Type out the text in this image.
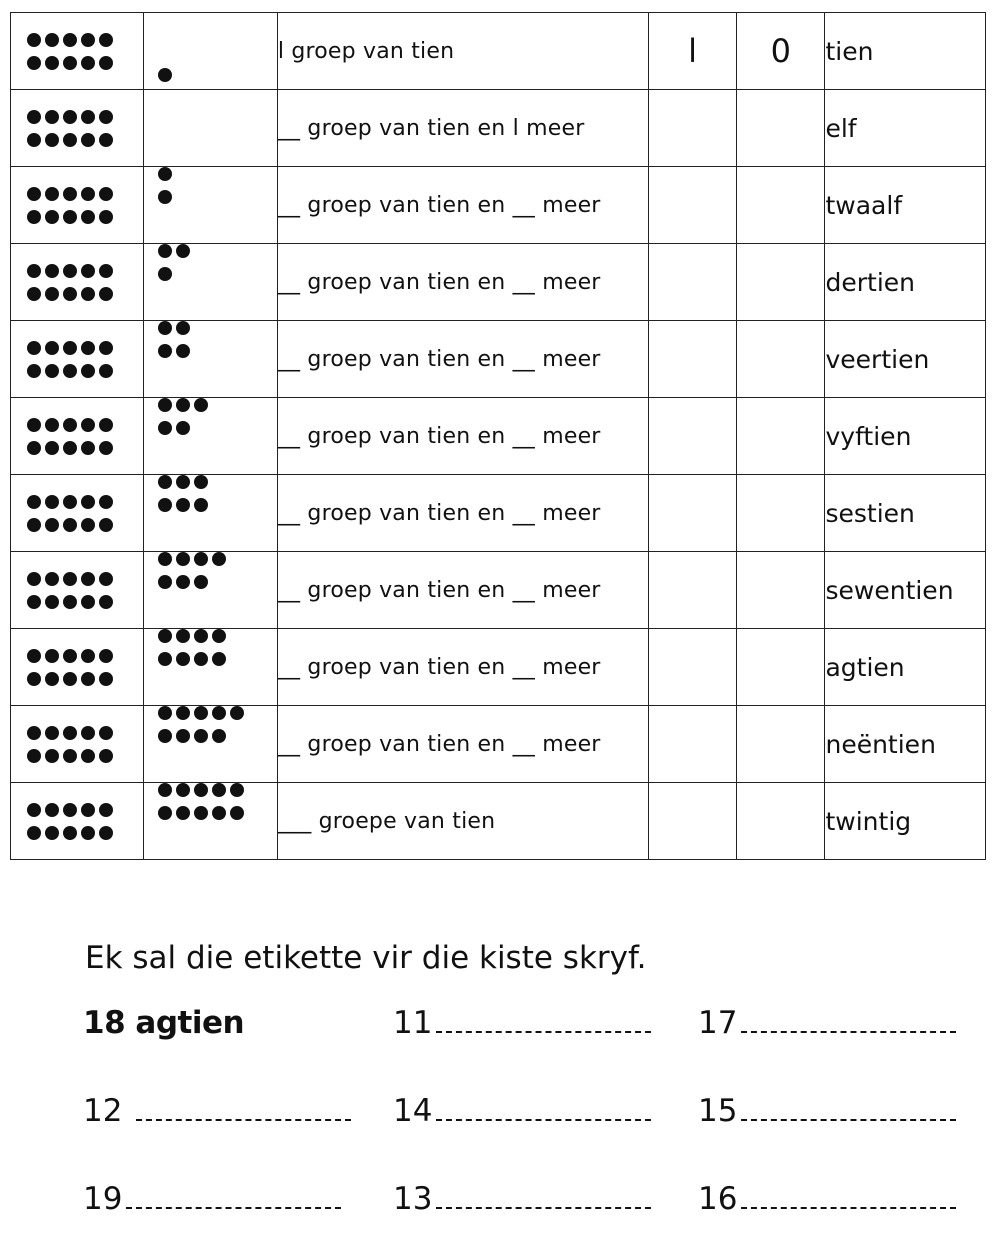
	l groep van tien	l	0	tien

	__ groep van tien en l meer			elf

	__ groep van tien en __ meer			twaalf

	__ groep van tien en __ meer			dertien

	__ groep van tien en __ meer			veertien

	__ groep van tien en __ meer			vyftien

	__ groep van tien en __ meer			sestien

	__ groep van tien en __ meer			sewentien

	__ groep van tien en __ meer			agtien

	__ groep van tien en __ meer			neëntien

	___ groepe van tien			twintig
Ek sal die etikette vir die kiste skryf.
18 agtien	11	17
12	14	15
19	13	16
